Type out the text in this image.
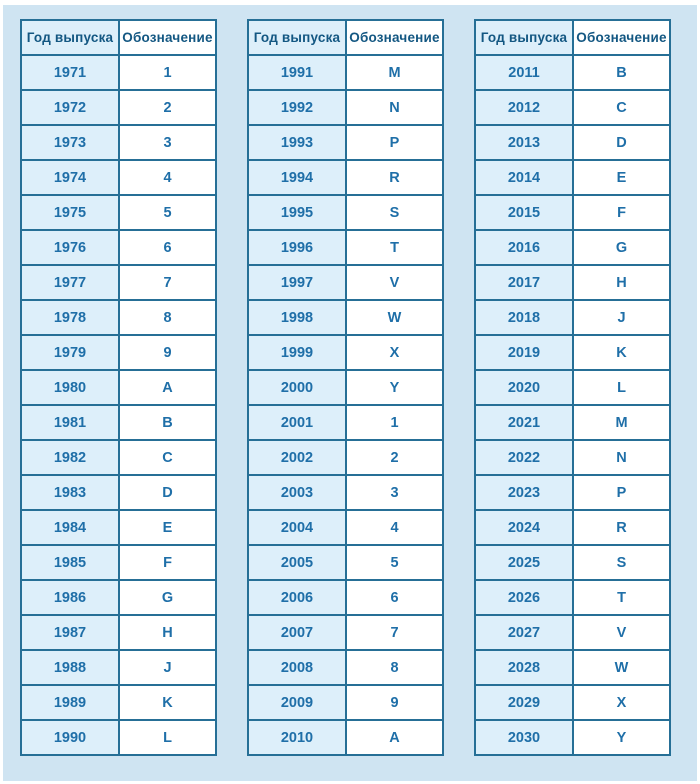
Год выпуска	Обозначение
1971	1
1972	2
1973	3
1974	4
1975	5
1976	6
1977	7
1978	8
1979	9
1980	A
1981	B
1982	C
1983	D
1984	E
1985	F
1986	G
1987	H
1988	J
1989	K
1990	L
Год выпуска	Обозначение
1991	M
1992	N
1993	P
1994	R
1995	S
1996	T
1997	V
1998	W
1999	X
2000	Y
2001	1
2002	2
2003	3
2004	4
2005	5
2006	6
2007	7
2008	8
2009	9
2010	A
Год выпуска	Обозначение
2011	B
2012	C
2013	D
2014	E
2015	F
2016	G
2017	H
2018	J
2019	K
2020	L
2021	M
2022	N
2023	P
2024	R
2025	S
2026	T
2027	V
2028	W
2029	X
2030	Y
